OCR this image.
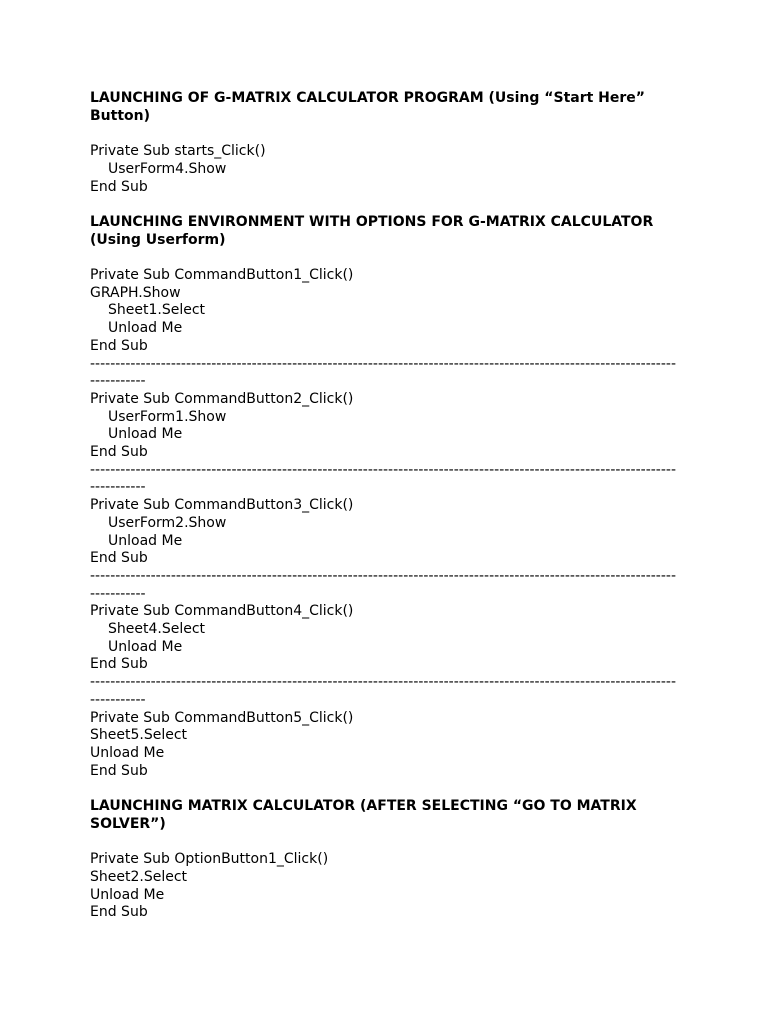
LAUNCHING OF G-MATRIX CALCULATOR PROGRAM (Using “Start Here” Button)

Private Sub starts_Click()

UserForm4.Show

End Sub

LAUNCHING ENVIRONMENT WITH OPTIONS FOR G-MATRIX CALCULATOR (Using Userform)

Private Sub CommandButton1_Click()

GRAPH.Show

Sheet1.Select

Unload Me

End Sub

-------------------------------------------------------------------------------------------------------------------------------

Private Sub CommandButton2_Click()

UserForm1.Show

Unload Me

End Sub

-------------------------------------------------------------------------------------------------------------------------------

Private Sub CommandButton3_Click()

UserForm2.Show

Unload Me

End Sub

-------------------------------------------------------------------------------------------------------------------------------

Private Sub CommandButton4_Click()

Sheet4.Select

Unload Me

End Sub

-------------------------------------------------------------------------------------------------------------------------------

Private Sub CommandButton5_Click()

Sheet5.Select

Unload Me

End Sub

LAUNCHING MATRIX CALCULATOR (AFTER SELECTING “GO TO MATRIX SOLVER”)

Private Sub OptionButton1_Click()

Sheet2.Select

Unload Me

End Sub
